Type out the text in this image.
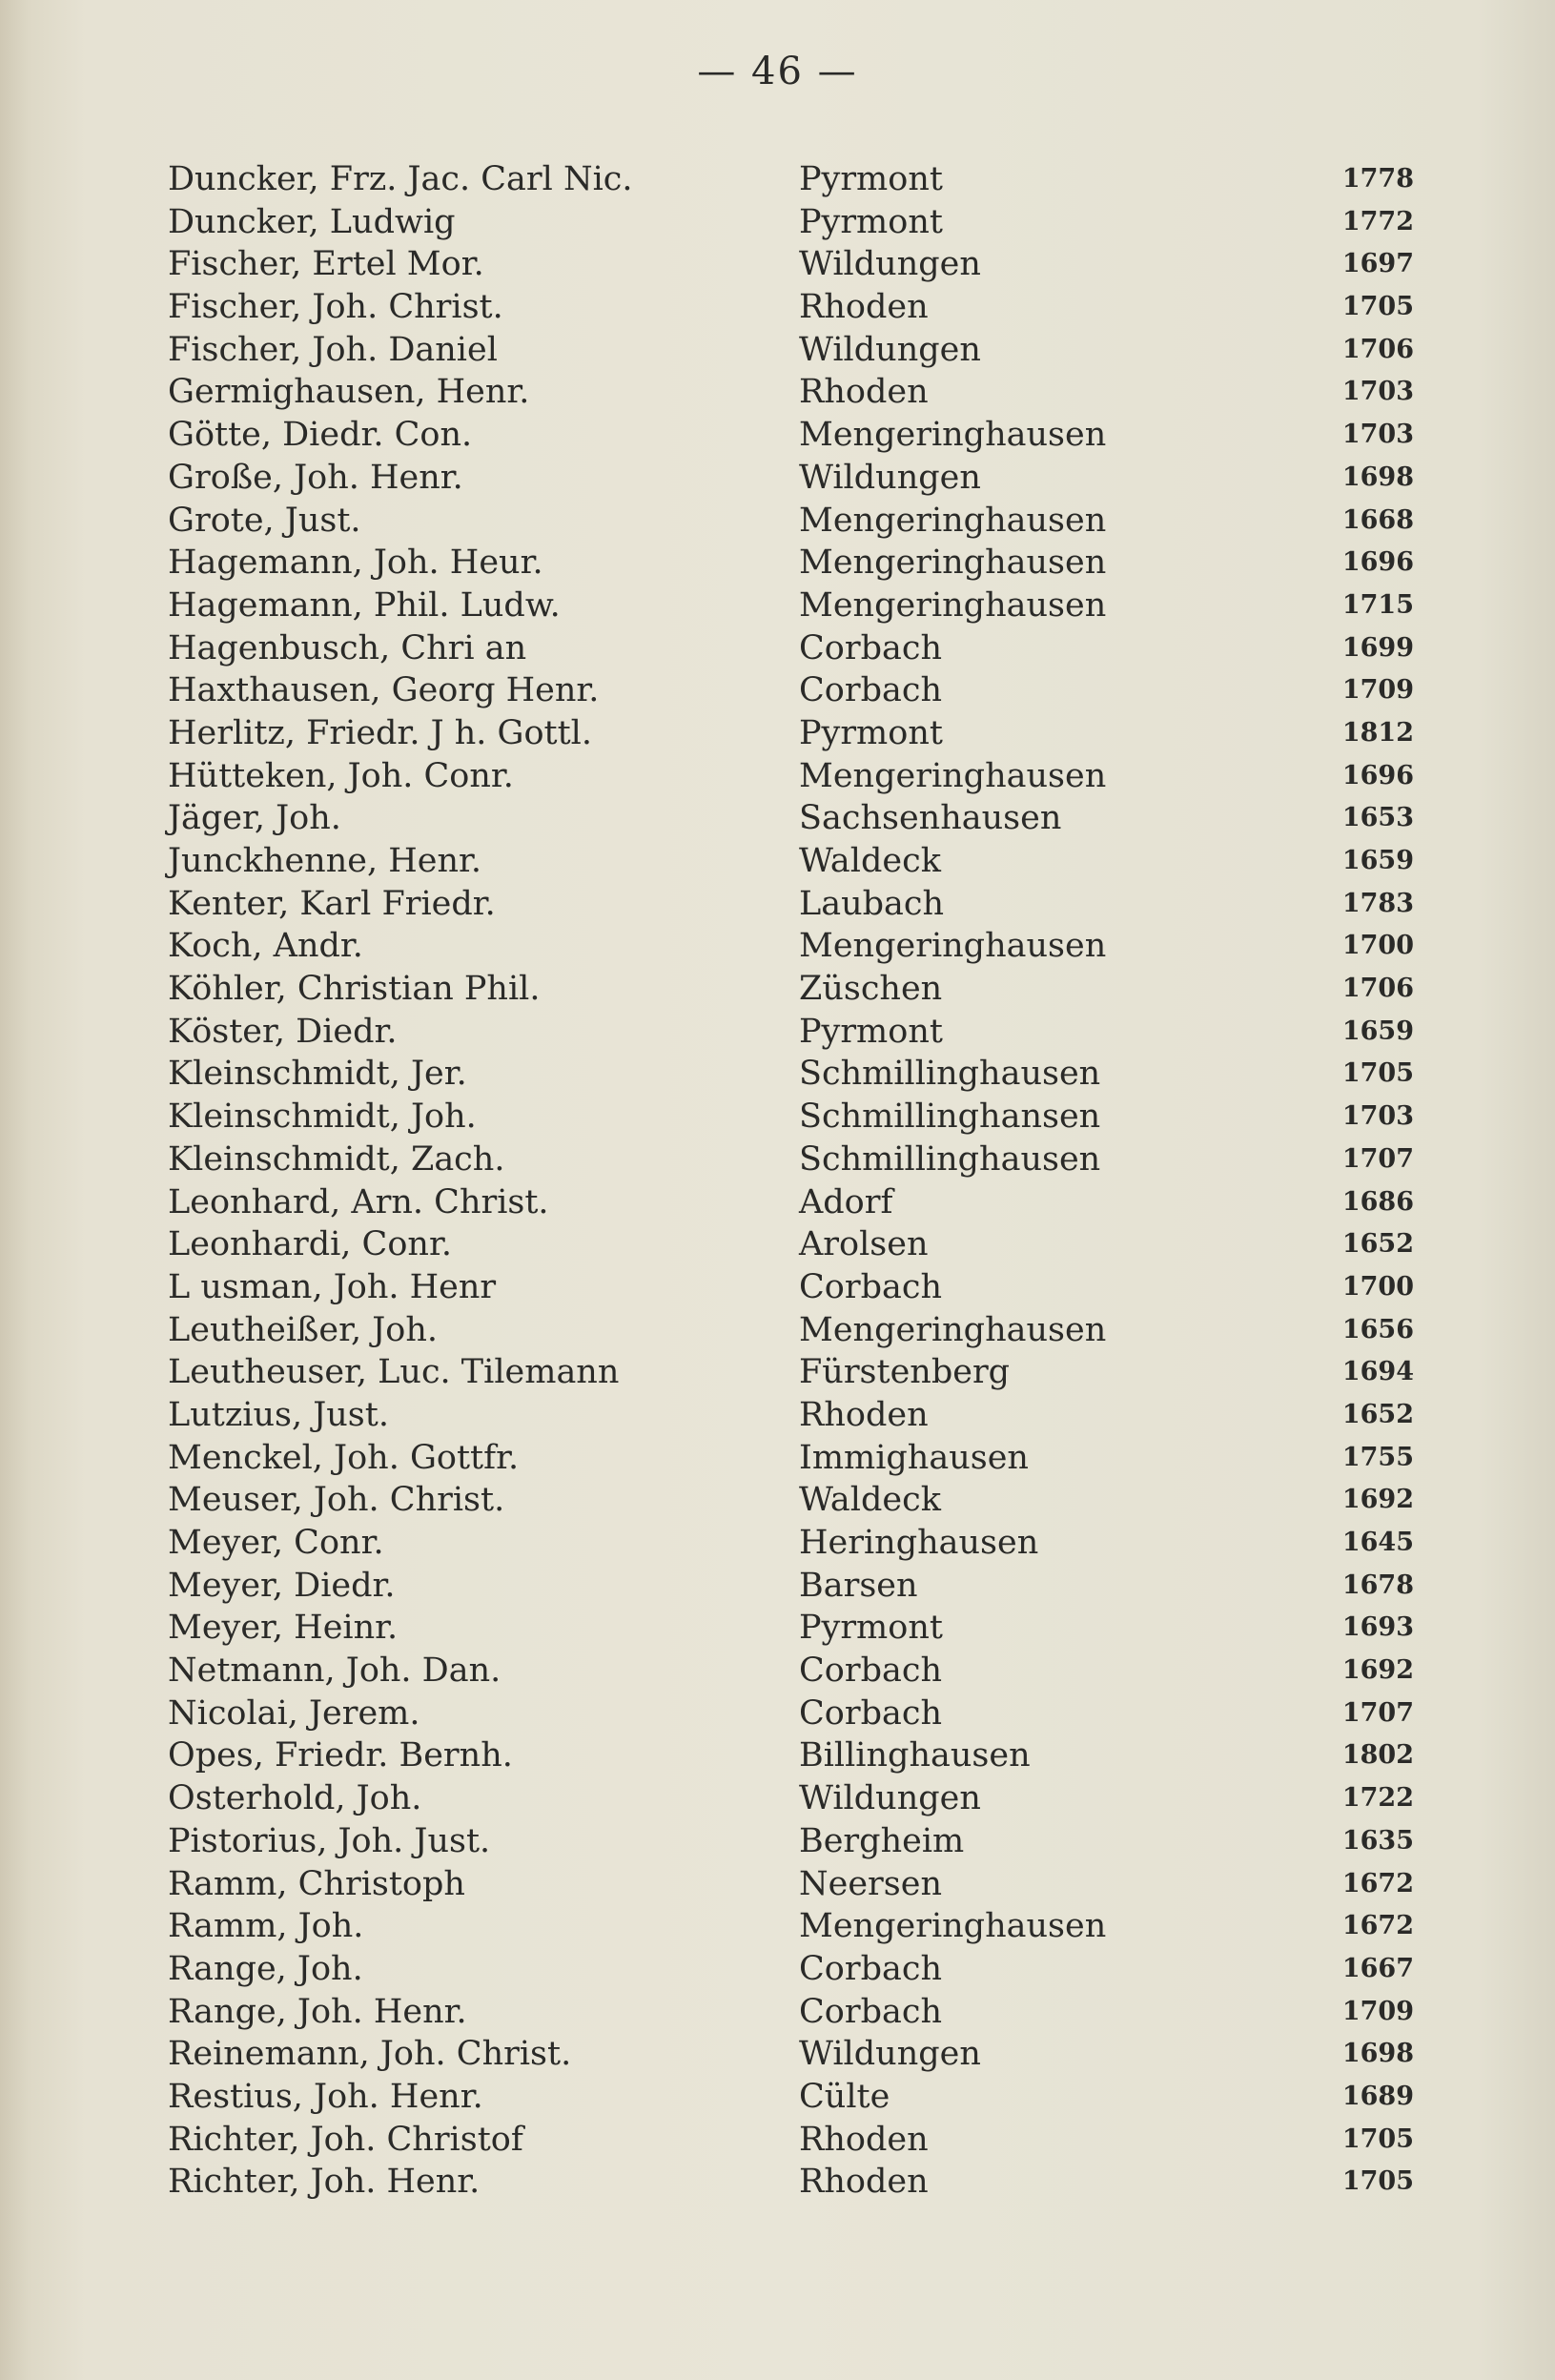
— 46 —
Duncker, Frz. Jac. Carl Nic.	Pyrmont	1778
Duncker, Ludwig	Pyrmont	1772
Fischer, Ertel Mor.	Wildungen	1697
Fischer, Joh. Christ.	Rhoden	1705
Fischer, Joh. Daniel	Wildungen	1706
Germighausen, Henr.	Rhoden	1703
Götte, Diedr. Con.	Mengeringhausen	1703
Große, Joh. Henr.	Wildungen	1698
Grote, Just.	Mengeringhausen	1668
Hagemann, Joh. Heur.	Mengeringhausen	1696
Hagemann, Phil. Ludw.	Mengeringhausen	1715
Hagenbusch, Chri an	Corbach	1699
Haxthausen, Georg Henr.	Corbach	1709
Herlitz, Friedr. J h. Gottl.	Pyrmont	1812
Hütteken, Joh. Conr.	Mengeringhausen	1696
Jäger, Joh.	Sachsenhausen	1653
Junckhenne, Henr.	Waldeck	1659
Kenter, Karl Friedr.	Laubach	1783
Koch, Andr.	Mengeringhausen	1700
Köhler, Christian Phil.	Züschen	1706
Köster, Diedr.	Pyrmont	1659
Kleinschmidt, Jer.	Schmillinghausen	1705
Kleinschmidt, Joh.	Schmillinghansen	1703
Kleinschmidt, Zach.	Schmillinghausen	1707
Leonhard, Arn. Christ.	Adorf	1686
Leonhardi, Conr.	Arolsen	1652
L usman, Joh. Henr	Corbach	1700
Leutheißer, Joh.	Mengeringhausen	1656
Leutheuser, Luc. Tilemann	Fürstenberg	1694
Lutzius, Just.	Rhoden	1652
Menckel, Joh. Gottfr.	Immighausen	1755
Meuser, Joh. Christ.	Waldeck	1692
Meyer, Conr.	Heringhausen	1645
Meyer, Diedr.	Barsen	1678
Meyer, Heinr.	Pyrmont	1693
Netmann, Joh. Dan.	Corbach	1692
Nicolai, Jerem.	Corbach	1707
Opes, Friedr. Bernh.	Billinghausen	1802
Osterhold, Joh.	Wildungen	1722
Pistorius, Joh. Just.	Bergheim	1635
Ramm, Christoph	Neersen	1672
Ramm, Joh.	Mengeringhausen	1672
Range, Joh.	Corbach	1667
Range, Joh. Henr.	Corbach	1709
Reinemann, Joh. Christ.	Wildungen	1698
Restius, Joh. Henr.	Cülte	1689
Richter, Joh. Christof	Rhoden	1705
Richter, Joh. Henr.	Rhoden	1705
